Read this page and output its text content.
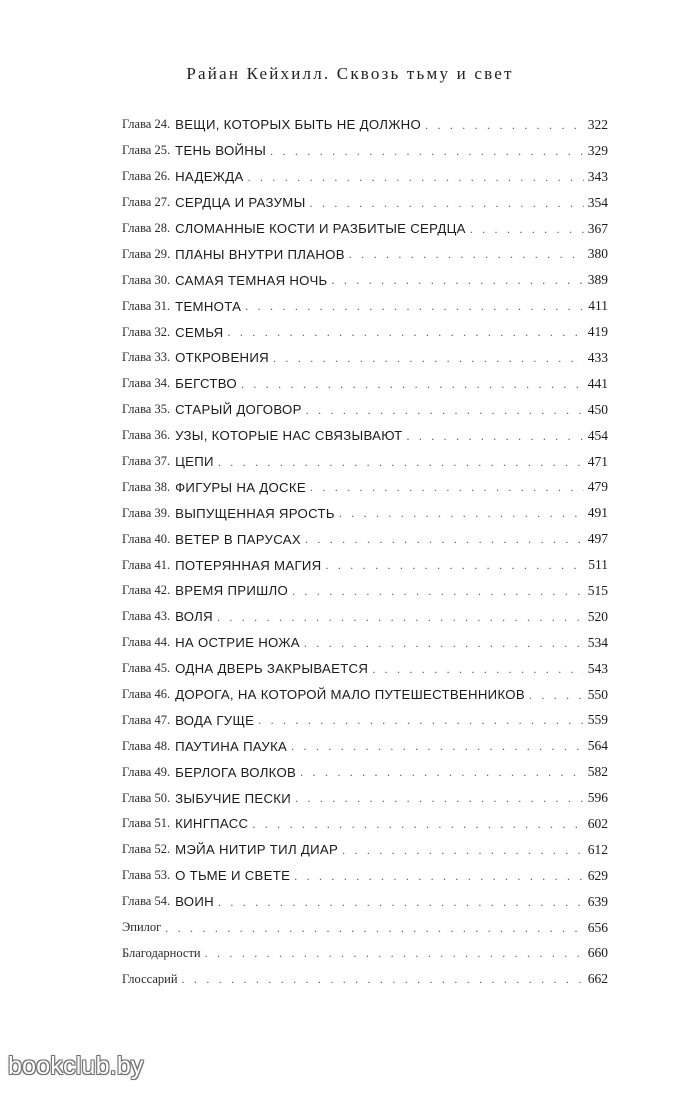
Райан Кейхилл. Сквозь тьму и свет
Глава 24. ВЕЩИ, КОТОРЫХ БЫТЬ НЕ ДОЛЖНО . . .	322
Глава 25. ТЕНЬ ВОЙНЫ . . .	329
Глава 26. НАДЕЖДА . . .	343
Глава 27. СЕРДЦА И РАЗУМЫ . . .	354
Глава 28. СЛОМАННЫЕ КОСТИ И РАЗБИТЫЕ СЕРДЦА . . .	367
Глава 29. ПЛАНЫ ВНУТРИ ПЛАНОВ . . .	380
Глава 30. САМАЯ ТЕМНАЯ НОЧЬ . . .	389
Глава 31. ТЕМНОТА . . .	411
Глава 32. СЕМЬЯ . . .	419
Глава 33. ОТКРОВЕНИЯ . . .	433
Глава 34. БЕГСТВО . . .	441
Глава 35. СТАРЫЙ ДОГОВОР . . .	450
Глава 36. УЗЫ, КОТОРЫЕ НАС СВЯЗЫВАЮТ . . .	454
Глава 37. ЦЕПИ . . .	471
Глава 38. ФИГУРЫ НА ДОСКЕ . . .	479
Глава 39. ВЫПУЩЕННАЯ ЯРОСТЬ . . .	491
Глава 40. ВЕТЕР В ПАРУСАХ . . .	497
Глава 41. ПОТЕРЯННАЯ МАГИЯ . . .	511
Глава 42. ВРЕМЯ ПРИШЛО . . .	515
Глава 43. ВОЛЯ . . .	520
Глава 44. НА ОСТРИЕ НОЖА . . .	534
Глава 45. ОДНА ДВЕРЬ ЗАКРЫВАЕТСЯ . . .	543
Глава 46. ДОРОГА, НА КОТОРОЙ МАЛО ПУТЕШЕСТВЕННИКОВ . . .	550
Глава 47. ВОДА ГУЩЕ . . .	559
Глава 48. ПАУТИНА ПАУКА . . .	564
Глава 49. БЕРЛОГА ВОЛКОВ . . .	582
Глава 50. ЗЫБУЧИЕ ПЕСКИ . . .	596
Глава 51. КИНГПАСС . . .	602
Глава 52. МЭЙА НИТИР ТИЛ ДИАР . . .	612
Глава 53. О ТЬМЕ И СВЕТЕ . . .	629
Глава 54. ВОИН . . .	639
Эпилог . . .	656
Благодарности . . .	660
Глоссарий . . .	662
bookclub.by
